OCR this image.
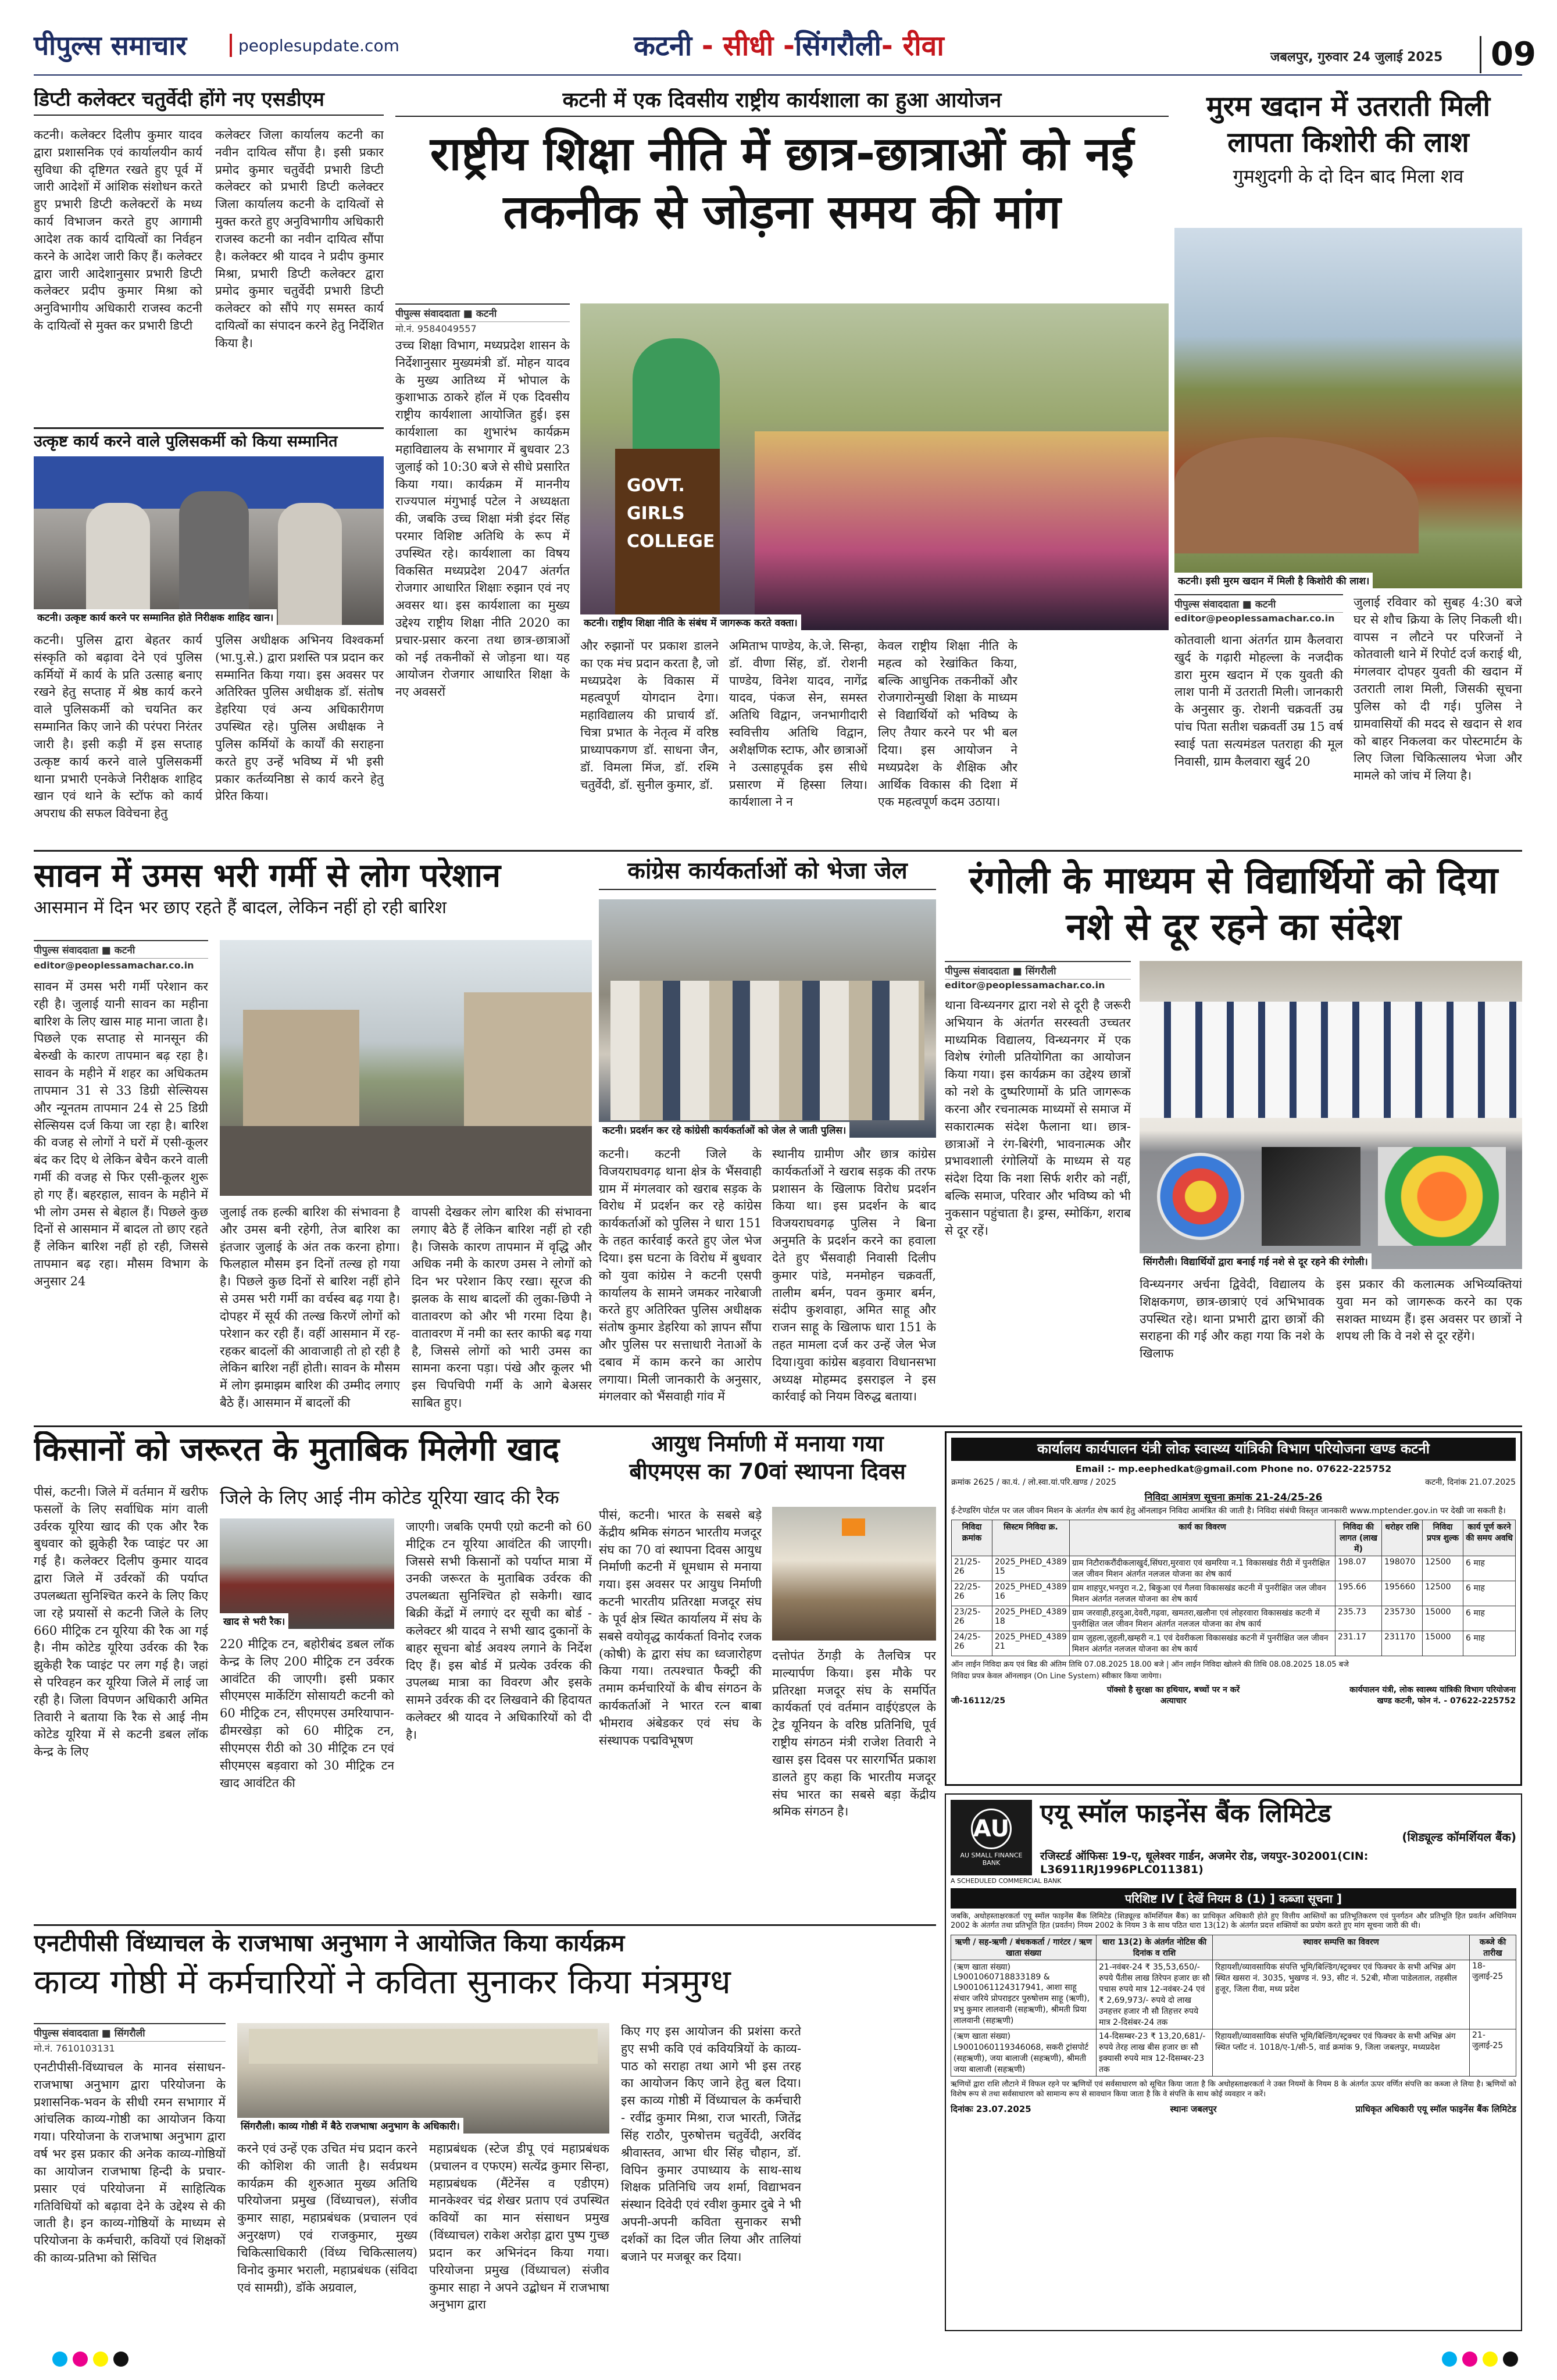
पीपुल्स समाचार	peoplesupdate.com	कटनी - सीधी -सिंगरौली- रीवा	जबलपुर, गुरुवार 24 जुलाई 2025	09
डिप्टी कलेक्टर चतुर्वेदी होंगे नए एसडीएम
कटनी। कलेक्टर दिलीप कुमार यादव द्वारा प्रशासनिक एवं कार्यालयीन कार्य सुविधा की दृष्टिगत रखते हुए पूर्व में जारी आदेशों में आंशिक संशोधन करते हुए प्रभारी डिप्टी कलेक्टरों के मध्य कार्य विभाजन करते हुए आगामी आदेश तक कार्य दायित्वों का निर्वहन करने के आदेश जारी किए हैं। कलेक्टर द्वारा जारी आदेशानुसार प्रभारी डिप्टी कलेक्टर प्रदीप कुमार मिश्रा को अनुविभागीय अधिकारी राजस्व कटनी के दायित्वों से मुक्त कर प्रभारी डिप्टी
कलेक्टर जिला कार्यालय कटनी का नवीन दायित्व सौंपा है। इसी प्रकार प्रमोद कुमार चतुर्वेदी प्रभारी डिप्टी कलेक्टर को प्रभारी डिप्टी कलेक्टर जिला कार्यालय कटनी के दायित्वों से मुक्त करते हुए अनुविभागीय अधिकारी राजस्व कटनी का नवीन दायित्व सौंपा है। कलेक्टर श्री यादव ने प्रदीप कुमार मिश्रा, प्रभारी डिप्टी कलेक्टर द्वारा प्रमोद कुमार चतुर्वेदी प्रभारी डिप्टी कलेक्टर को सौंपे गए समस्त कार्य दायित्वों का संपादन करने हेतु निर्देशित किया है।
उत्कृष्ट कार्य करने वाले पुलिसकर्मी को किया सम्मानित
कटनी। उत्कृष्ट कार्य करने पर सम्मानित होते निरीक्षक शाहिद खान।
कटनी। पुलिस द्वारा बेहतर कार्य संस्कृति को बढ़ावा देने एवं पुलिस कर्मियों में कार्य के प्रति उत्साह बनाए रखने हेतु सप्ताह में श्रेष्ठ कार्य करने वाले पुलिसकर्मी को चयनित कर सम्मानित किए जाने की परंपरा निरंतर जारी है। इसी कड़ी में इस सप्ताह उत्कृष्ट कार्य करने वाले पुलिसकर्मी थाना प्रभारी एनकेजे निरीक्षक शाहिद खान एवं थाने के स्टॉफ को कार्य अपराध की सफल विवेचना हेतु
पुलिस अधीक्षक अभिनय विश्वकर्मा (भा.पु.से.) द्वारा प्रशस्ति पत्र प्रदान कर सम्मानित किया गया। इस अवसर पर अतिरिक्त पुलिस अधीक्षक डॉ. संतोष डेहरिया एवं अन्य अधिकारीगण उपस्थित रहे। पुलिस अधीक्षक ने पुलिस कर्मियों के कार्यों की सराहना करते हुए उन्हें भविष्य में भी इसी प्रकार कर्तव्यनिष्ठा से कार्य करने हेतु प्रेरित किया।
कटनी में एक दिवसीय राष्ट्रीय कार्यशाला का हुआ आयोजन
राष्ट्रीय शिक्षा नीति में छात्र-छात्राओं को नई तकनीक से जोड़ना समय की मांग
पीपुल्स संवाददाता ■ कटनी
मो.नं. 9584049557
उच्च शिक्षा विभाग, मध्यप्रदेश शासन के निर्देशानुसार मुख्यमंत्री डॉ. मोहन यादव के मुख्य आतिथ्य में भोपाल के कुशाभाऊ ठाकरे हॉल में एक दिवसीय राष्ट्रीय कार्यशाला आयोजित हुई। इस कार्यशाला का शुभारंभ कार्यक्रम महाविद्यालय के सभागार में बुधवार 23 जुलाई को 10:30 बजे से सीधे प्रसारित किया गया। कार्यक्रम में माननीय राज्यपाल मंगुभाई पटेल ने अध्यक्षता की, जबकि उच्च शिक्षा मंत्री इंदर सिंह परमार विशिष्ट अतिथि के रूप में उपस्थित रहे। कार्यशाला का विषय विकसित मध्यप्रदेश 2047 अंतर्गत रोजगार आधारित शिक्षाः रुझान एवं नए अवसर था। इस कार्यशाला का मुख्य उद्देश्य राष्ट्रीय शिक्षा नीति 2020 का प्रचार-प्रसार करना तथा छात्र-छात्राओं को नई तकनीकों से जोड़ना था। यह आयोजन रोजगार आधारित शिक्षा के नए अवसरों
GOVT.
GIRLS
COLLEGE
कटनी। राष्ट्रीय शिक्षा नीति के संबंध में जागरूक करते वक्ता।
और रुझानों पर प्रकाश डालने का एक मंच प्रदान करता है, जो मध्यप्रदेश के विकास में महत्वपूर्ण योगदान देगा। महाविद्यालय की प्राचार्य डॉ. चित्रा प्रभात के नेतृत्व में वरिष्ठ प्राध्यापकगण डॉ. साधना जैन, डॉ. विमला मिंज, डॉ. रश्मि चतुर्वेदी, डॉ. सुनील कुमार, डॉ.
अमिताभ पाण्डेय, के.जे. सिन्हा, डॉ. वीणा सिंह, डॉ. रोशनी पाण्डेय, विनेश यादव, नागेंद्र यादव, पंकज सेन, समस्त अतिथि विद्वान, जनभागीदारी स्ववित्तीय अतिथि विद्वान, अशैक्षणिक स्टाफ, और छात्राओं ने उत्साहपूर्वक इस सीधे प्रसारण में हिस्सा लिया। कार्यशाला ने न
केवल राष्ट्रीय शिक्षा नीति के महत्व को रेखांकित किया, बल्कि आधुनिक तकनीकों और रोजगारोन्मुखी शिक्षा के माध्यम से विद्यार्थियों को भविष्य के लिए तैयार करने पर भी बल दिया। इस आयोजन ने मध्यप्रदेश के शैक्षिक और आर्थिक विकास की दिशा में एक महत्वपूर्ण कदम उठाया।
मुरम खदान में उतराती मिली लापता किशोरी की लाश
गुमशुदगी के दो दिन बाद मिला शव
कटनी। इसी मुरम खदान में मिली है किशोरी की लाश।
पीपुल्स संवाददाता ■ कटनी
editor@peoplessamachar.co.in
कोतवाली थाना अंतर्गत ग्राम कैलवारा खुर्द के गढ़ारी मोहल्ला के नजदीक डारा मुरम खदान में एक युवती की लाश पानी में उतराती मिली। जानकारी के अनुसार कु. रोशनी चक्रवर्ती उम्र पांच पिता सतीश चक्रवर्ती उम्र 15 वर्ष स्वाई पता सत्यमंडल पतराहा की मूल निवासी, ग्राम कैलवारा खुर्द 20
जुलाई रविवार को सुबह 4:30 बजे घर से शौच क्रिया के लिए निकली थी। वापस न लौटने पर परिजनों ने कोतवाली थाने में रिपोर्ट दर्ज कराई थी, मंगलवार दोपहर युवती की खदान में उतराती लाश मिली, जिसकी सूचना पुलिस को दी गई। पुलिस ने ग्रामवासियों की मदद से खदान से शव को बाहर निकलवा कर पोस्टमार्टम के लिए जिला चिकित्सालय भेजा और मामले को जांच में लिया है।
सावन में उमस भरी गर्मी से लोग परेशान
आसमान में दिन भर छाए रहते हैं बादल, लेकिन नहीं हो रही बारिश
पीपुल्स संवाददाता ■ कटनी
editor@peoplessamachar.co.in
सावन में उमस भरी गर्मी परेशान कर रही है। जुलाई यानी सावन का महीना बारिश के लिए खास माह माना जाता है। पिछले एक सप्ताह से मानसून की बेरुखी के कारण तापमान बढ़ रहा है। सावन के महीने में शहर का अधिकतम तापमान 31 से 33 डिग्री सेल्सियस और न्यूनतम तापमान 24 से 25 डिग्री सेल्सियस दर्ज किया जा रहा है। बारिश की वजह से लोगों ने घरों में एसी-कूलर बंद कर दिए थे लेकिन बेचैन करने वाली गर्मी की वजह से फिर एसी-कूलर शुरू हो गए हैं। बहरहाल, सावन के महीने में भी लोग उमस से बेहाल हैं। पिछले कुछ दिनों से आसमान में बादल तो छाए रहते हैं लेकिन बारिश नहीं हो रही, जिससे तापमान बढ़ रहा। मौसम विभाग के अनुसार 24
जुलाई तक हल्की बारिश की संभावना है और उमस बनी रहेगी, तेज बारिश का इंतजार जुलाई के अंत तक करना होगा। फिलहाल मौसम इन दिनों तल्ख हो गया है। पिछले कुछ दिनों से बारिश नहीं होने से उमस भरी गर्मी का वर्चस्व बढ़ गया है। दोपहर में सूर्य की तल्ख किरणें लोगों को परेशान कर रही हैं। वहीं आसमान में रह-रहकर बादलों की आवाजाही तो हो रही है लेकिन बारिश नहीं होती। सावन के मौसम में लोग झमाझम बारिश की उम्मीद लगाए बैठे हैं। आसमान में बादलों की
वापसी देखकर लोग बारिश की संभावना लगाए बैठे हैं लेकिन बारिश नहीं हो रही है। जिसके कारण तापमान में वृद्धि और अधिक नमी के कारण उमस ने लोगों को दिन भर परेशान किए रखा। सूरज की झलक के साथ बादलों की लुका-छिपी ने वातावरण को और भी गरमा दिया है। वातावरण में नमी का स्तर काफी बढ़ गया है, जिससे लोगों को भारी उमस का सामना करना पड़ा। पंखे और कूलर भी इस चिपचिपी गर्मी के आगे बेअसर साबित हुए।
कांग्रेस कार्यकर्ताओं को भेजा जेल
कटनी। प्रदर्शन कर रहे कांग्रेसी कार्यकर्ताओं को जेल ले जाती पुलिस।
कटनी। कटनी जिले के विजयराघवगढ़ थाना क्षेत्र के भैंसवाही ग्राम में मंगलवार को खराब सड़क के विरोध में प्रदर्शन कर रहे कांग्रेस कार्यकर्ताओं को पुलिस ने धारा 151 के तहत कार्रवाई करते हुए जेल भेज दिया। इस घटना के विरोध में बुधवार को युवा कांग्रेस ने कटनी एसपी कार्यालय के सामने जमकर नारेबाजी करते हुए अतिरिक्त पुलिस अधीक्षक संतोष कुमार डेहरिया को ज्ञापन सौंपा और पुलिस पर सत्ताधारी नेताओं के दबाव में काम करने का आरोप लगाया। मिली जानकारी के अनुसार, मंगलवार को भैंसवाही गांव में
स्थानीय ग्रामीण और छात्र कांग्रेस कार्यकर्ताओं ने खराब सड़क की तरफ प्रशासन के खिलाफ विरोध प्रदर्शन किया था। इस प्रदर्शन के बाद विजयराघवगढ़ पुलिस ने बिना अनुमति के प्रदर्शन करने का हवाला देते हुए भैंसवाही निवासी दिलीप कुमार पांडे, मनमोहन चक्रवर्ती, तालीम बर्मन, पवन कुमार बर्मन, संदीप कुशवाहा, अमित साहू और राजन साहू के खिलाफ धारा 151 के तहत मामला दर्ज कर उन्हें जेल भेज दिया।युवा कांग्रेस बड़वारा विधानसभा अध्यक्ष मोहम्मद इसराइल ने इस कार्रवाई को नियम विरुद्ध बताया।
रंगोली के माध्यम से विद्यार्थियों को दिया नशे से दूर रहने का संदेश
पीपुल्स संवाददाता ■ सिंगरौली
editor@peoplessamachar.co.in
थाना विन्ध्यनगर द्वारा नशे से दूरी है जरूरी अभियान के अंतर्गत सरस्वती उच्चतर माध्यमिक विद्यालय, विन्ध्यनगर में एक विशेष रंगोली प्रतियोगिता का आयोजन किया गया। इस कार्यक्रम का उद्देश्य छात्रों को नशे के दुष्परिणामों के प्रति जागरूक करना और रचनात्मक माध्यमों से समाज में सकारात्मक संदेश फैलाना था। छात्र-छात्राओं ने रंग-बिरंगी, भावनात्मक और प्रभावशाली रंगोलियों के माध्यम से यह संदेश दिया कि नशा सिर्फ शरीर को नहीं, बल्कि समाज, परिवार और भविष्य को भी नुकसान पहुंचाता है। ड्रग्स, स्मोकिंग, शराब से दूर रहें।
सिंगरौली। विद्यार्थियों द्वारा बनाई गई नशे से दूर रहने की रंगोली।
विन्ध्यनगर अर्चना द्विवेदी, विद्यालय के शिक्षकगण, छात्र-छात्राएं एवं अभिभावक उपस्थित रहे। थाना प्रभारी द्वारा छात्रों की सराहना की गई और कहा गया कि नशे के खिलाफ
इस प्रकार की कलात्मक अभिव्यक्तियां युवा मन को जागरूक करने का एक सशक्त माध्यम हैं। इस अवसर पर छात्रों ने शपथ ली कि वे नशे से दूर रहेंगे।
किसानों को जरूरत के मुताबिक मिलेगी खाद
पीसं, कटनी। जिले में वर्तमान में खरीफ फसलों के लिए सर्वाधिक मांग वाली उर्वरक यूरिया खाद की एक और रैक बुधवार को झुकेही रैक प्वाइंट पर आ गई है। कलेक्टर दिलीप कुमार यादव द्वारा जिले में उर्वरकों की पर्याप्त उपलब्धता सुनिश्चित करने के लिए किए जा रहे प्रयासों से कटनी जिले के लिए 660 मीट्रिक टन यूरिया की रैक आ गई है। नीम कोटेड यूरिया उर्वरक की रैक झुकेही रैक प्वाइंट पर लग गई है। जहां से परिवहन कर यूरिया जिले में लाई जा रही है। जिला विपणन अधिकारी अमित तिवारी ने बताया कि रैक से आई नीम कोटेड यूरिया में से कटनी डबल लॉक केन्द्र के लिए
जिले के लिए आई नीम कोटेड यूरिया खाद की रैक
खाद से भरी रैक।
220 मीट्रिक टन, बहोरीबंद डबल लॉक केन्द्र के लिए 200 मीट्रिक टन उर्वरक आवंटित की जाएगी। इसी प्रकार सीएमएस मार्केटिंग सोसायटी कटनी को 60 मीट्रिक टन, सीएमएस उमरियापान-ढीमरखेड़ा को 60 मीट्रिक टन, सीएमएस रीठी को 30 मीट्रिक टन एवं सीएमएस बड़वारा को 30 मीट्रिक टन खाद आवंटित की
जाएगी। जबकि एमपी एग्रो कटनी को 60 मीट्रिक टन यूरिया आवंटित की जाएगी। जिससे सभी किसानों को पर्याप्त मात्रा में उनकी जरूरत के मुताबिक उर्वरक की उपलब्धता सुनिश्चित हो सकेगी। खाद बिक्री केंद्रों में लगाएं दर सूची का बोर्ड - कलेक्टर श्री यादव ने सभी खाद दुकानों के बाहर सूचना बोर्ड अवश्य लगाने के निर्देश दिए हैं। इस बोर्ड में प्रत्येक उर्वरक की उपलब्ध मात्रा का विवरण और इसके सामने उर्वरक की दर लिखवाने की हिदायत कलेक्टर श्री यादव ने अधिकारियों को दी है।
आयुध निर्माणी में मनाया गया
बीएमएस का 70वां स्थापना दिवस
पीसं, कटनी। भारत के सबसे बड़े केंद्रीय श्रमिक संगठन भारतीय मजदूर संघ का 70 वां स्थापना दिवस आयुध निर्माणी कटनी में धूमधाम से मनाया गया। इस अवसर पर आयुध निर्माणी कटनी भारतीय प्रतिरक्षा मजदूर संघ के पूर्व क्षेत्र स्थित कार्यालय में संघ के सबसे वयोवृद्ध कार्यकर्ता विनोद रजक (कोषी) के द्वारा संघ का ध्वजारोहण किया गया। तत्पश्चात फैक्ट्री की तमाम कर्मचारियों के बीच संगठन के कार्यकर्ताओं ने भारत रत्न बाबा भीमराव अंबेडकर एवं संघ के संस्थापक पद्मविभूषण
दत्तोपंत ठेंगड़ी के तैलचित्र पर माल्यार्पण किया। इस मौके पर प्रतिरक्षा मजदूर संघ के समर्पित कार्यकर्ता एवं वर्तमान वाईएंडएल के ट्रेड यूनियन के वरिष्ठ प्रतिनिधि, पूर्व राष्ट्रीय संगठन मंत्री राजेश तिवारी ने खास इस दिवस पर सारगर्भित प्रकाश डालते हुए कहा कि भारतीय मजदूर संघ भारत का सबसे बड़ा केंद्रीय श्रमिक संगठन है।
कार्यालय कार्यपालन यंत्री लोक स्वास्थ्य यांत्रिकी विभाग परियोजना खण्ड कटनी
Email :- mp.eephedkat@gmail.com Phone no. 07622-225752
क्रमांक 2625 / का.यं. / लो.स्वा.यां.परि.खण्ड / 2025	कटनी, दिनांक 21.07.2025
निविदा आमंत्रण सूचना क्रमांक 21-24/25-26
ई-टेण्डरिंग पोर्टल पर जल जीवन मिशन के अंतर्गत शेष कार्य हेतु ऑनलाइन निविदा आमंत्रित की जाती है। निविदा संबंधी विस्तृत जानकारी www.mptender.gov.in पर देखी जा सकती है।
निविदा क्रमांक	सिस्टम निविदा क्र.	कार्य का विवरण	निविदा की लागत (लाख में)	धरोहर राशि	निविदा प्रपत्र शुल्क	कार्य पूर्ण करने की समय अवधि
21/25-26	2025_PHED_4389 15	ग्राम निटौराकरौंदीकलाखुर्द,सिंघरा,मुरवारा एवं खमरिया न.1 विकासखंड रीठी में पुनरीक्षित जल जीवन मिशन अंतर्गत नलजल योजना का शेष कार्य	198.07	198070	12500	6 माह
22/25-26	2025_PHED_4389 16	ग्राम शाहपुर,भनपुरा न.2, बिकुआ एवं गैलवा विकासखंड कटनी में पुनरीक्षित जल जीवन मिशन अंतर्गत नलजल योजना का शेष कार्य	195.66	195660	12500	6 माह
23/25-26	2025_PHED_4389 18	ग्राम जरवाही,हरदुआ,देवरी,गढ़वा, खमतरा,खलौना एवं लोहरवारा विकासखंड कटनी में पुनरीक्षित जल जीवन मिशन अंतर्गत नलजल योजना का शेष कार्य	235.73	235730	15000	6 माह
24/25-26	2025_PHED_4389 21	ग्राम ज़ुहला,ज़ुहली,खम्हरी न.1 एवं देवरीकला विकासखंड कटनी में पुनरीक्षित जल जीवन मिशन अंतर्गत नलजल योजना का शेष कार्य	231.17	231170	15000	6 माह
ऑन लाईन निविदा क्रय एवं बिड की अंतिम तिथि 07.08.2025 18.00 बजे | ऑन लाईन निविदा खोलने की तिथि 08.08.2025 18.05 बजे
निविदा प्रपत्र केवल ऑनलाइन (On Line System) स्वीकार किया जायेगा।
जी-16112/25
पॉक्सो है सुरक्षा का हथियार, बच्चों पर न करें अत्याचार
कार्यपालन यंत्री, लोक स्वास्थ्य यांत्रिकी विभाग परियोजना खण्ड कटनी, फोन नं. - 07622-225752
एनटीपीसी विंध्याचल के राजभाषा अनुभाग ने आयोजित किया कार्यक्रम
काव्य गोष्ठी में कर्मचारियों ने कविता सुनाकर किया मंत्रमुग्ध
पीपुल्स संवाददाता ■ सिंगरौली
मो.नं. 7610103131
एनटीपीसी-विंध्याचल के मानव संसाधन-राजभाषा अनुभाग द्वारा परियोजना के प्रशासनिक-भवन के सीधी रमन सभागार में आंचलिक काव्य-गोष्ठी का आयोजन किया गया। परियोजना के राजभाषा अनुभाग द्वारा वर्ष भर इस प्रकार की अनेक काव्य-गोष्ठियों का आयोजन राजभाषा हिन्दी के प्रचार-प्रसार एवं परियोजना में साहित्यिक गतिविधियों को बढ़ावा देने के उद्देश्य से की जाती है। इन काव्य-गोष्ठियों के माध्यम से परियोजना के कर्मचारी, कवियों एवं शिक्षकों की काव्य-प्रतिभा को सिंचित
सिंगरौली। काव्य गोष्ठी में बैठे राजभाषा अनुभाग के अधिकारी।
करने एवं उन्हें एक उचित मंच प्रदान करने की कोशिश की जाती है। सर्वप्रथम कार्यक्रम की शुरुआत मुख्य अतिथि परियोजना प्रमुख (विंध्याचल), संजीव कुमार साहा, महाप्रबंधक (प्रचालन एवं अनुरक्षण) एवं राजकुमार, मुख्य चिकित्साधिकारी (विंध्य चिकित्सालय) विनोद कुमार भराली, महाप्रबंधक (संविदा एवं सामग्री), डॉके अग्रवाल,
महाप्रबंधक (स्टेज डीपू एवं महाप्रबंधक (प्रचालन व एफएम) सत्येंद्र कुमार सिन्हा, महाप्रबंधक (मैंटेनेंस व एडीएम) मानकेश्वर चंद्र शेखर प्रताप एवं उपस्थित कवियों का मान संसाधन प्रमुख (विंध्याचल) राकेश अरोड़ा द्वारा पुष्प गुच्छ प्रदान कर अभिनंदन किया गया। परियोजना प्रमुख (विंध्याचल) संजीव कुमार साहा ने अपने उद्बोधन में राजभाषा अनुभाग द्वारा
किए गए इस आयोजन की प्रशंसा करते हुए सभी कवि एवं कवियत्रियों के काव्य-पाठ को सराहा तथा आगे भी इस तरह का आयोजन किए जाने हेतु बल दिया। इस काव्य गोष्ठी में विंध्याचल के कर्मचारी - रवींद्र कुमार मिश्रा, राज भारती, जितेंद्र सिंह राठौर, पुरुषोत्तम चतुर्वेदी, अरविंद श्रीवास्तव, आभा धीर सिंह चौहान, डॉ. विपिन कुमार उपाध्याय के साथ-साथ शिक्षक प्रतिनिधि जय शर्मा, विद्याभवन संस्थान दिवेदी एवं रवीश कुमार दुबे ने भी अपनी-अपनी कविता सुनाकर सभी दर्शकों का दिल जीत लिया और तालियां बजाने पर मजबूर कर दिया।
AU
AU SMALL FINANCE BANK
एयू स्मॉल फाइनेंस बैंक लिमिटेड
(शिड्यूल्ड कॉमर्शियल बैंक)
रजिस्टर्ड ऑफिसः 19-ए, धूलेश्वर गार्डन, अजमेर रोड, जयपुर-302001(CIN: L36911RJ1996PLC011381)
A SCHEDULED COMMERCIAL BANK
परिशिष्ट IV [ देखें नियम 8 (1) ] कब्जा सूचना ]
जबकि, अधोहस्ताक्षरकर्ता एयू स्मॉल फाइनेंस बैंक लिमिटेड (शिड्यूल्ड कॉमर्शियल बैंक) का प्राधिकृत अधिकारी होते हुए वित्तीय आस्तियों का प्रतिभूतिकरण एवं पुनर्गठन और प्रतिभूति हित प्रवर्तन अधिनियम 2002 के अंतर्गत तथा प्रतिभूति हित (प्रवर्तन) नियम 2002 के नियम 3 के साथ पठित धारा 13(12) के अंतर्गत प्रदत्त शक्तियों का प्रयोग करते हुए मांग सूचना जारी की थी।
ऋणी / सह-ऋणी / बंधककर्ता / गारंटर / ऋण खाता संख्या	धारा 13(2) के अंतर्गत नोटिस की दिनांक व राशि	स्थावर सम्पत्ति का विवरण	कब्जे की तारीख
(ऋण खाता संख्या) L9001060718833189 & L9001061124317941, आशा साहू संचार जरिये प्रोपराइटर पुरुषोत्तम साहू (ऋणी), प्रभु कुमार लालवानी (सहऋणी), श्रीमती प्रिया लालवानी (सहऋणी)	21-नवंबर-24 ₹ 35,53,650/- रुपये पैंतीस लाख तिरेपन हजार छः सौ पचास रुपये मात्र 12-नवंबर-24 एवं ₹ 2,69,973/- रुपये दो लाख उनहत्तर हजार नौ सौ तिहत्तर रुपये मात्र 2-दिसंबर-24 तक	रिहायशी/व्यावसायिक संपत्ति भूमि/बिल्डिंग/स्ट्रक्चर एवं फिक्चर के सभी अभिन्न अंग स्थित खसरा नं. 3035, भुखण्ड नं. 93, सीट नं. 52बी, मौजा पाडेलताल, तहसील हुजूर, जिला रीवा, मध्य प्रदेश	18-जुलाई-25
(ऋण खाता संख्या) L9001060119346068, सकरी ट्रांसपोर्ट (सहऋणी), जया बालाजी (सहऋणी), श्रीमती जया बालाजी (सहऋणी)	14-दिसम्बर-23 ₹ 13,20,681/- रुपये तेरह लाख बीस हजार छः सौ इक्यासी रुपये मात्र 12-दिसम्बर-23 तक	रिहायशी/व्यावसायिक संपत्ति भूमि/बिल्डिंग/स्ट्रक्चर एवं फिक्चर के सभी अभिन्न अंग स्थित प्लॉट नं. 1018/ए-1/सी-5, वार्ड क्रमांक 9, जिला जबलपुर, मध्यप्रदेश	21-जुलाई-25
ऋणियों द्वारा राशि लौटाने में विफल रहने पर ऋणियों एवं सर्वसाधारण को सूचित किया जाता है कि अधोहस्ताक्षरकर्ता ने उक्त नियमों के नियम 8 के अंतर्गत ऊपर वर्णित संपत्ति का कब्जा ले लिया है। ऋणियों को विशेष रूप से तथा सर्वसाधारण को सामान्य रूप से सावधान किया जाता है कि वे संपत्ति के साथ कोई व्यवहार न करें।
दिनांकः 23.07.2025	स्थानः जबलपुर	प्राधिकृत अधिकारी एयू स्मॉल फाइनेंस बैंक लिमिटेड
